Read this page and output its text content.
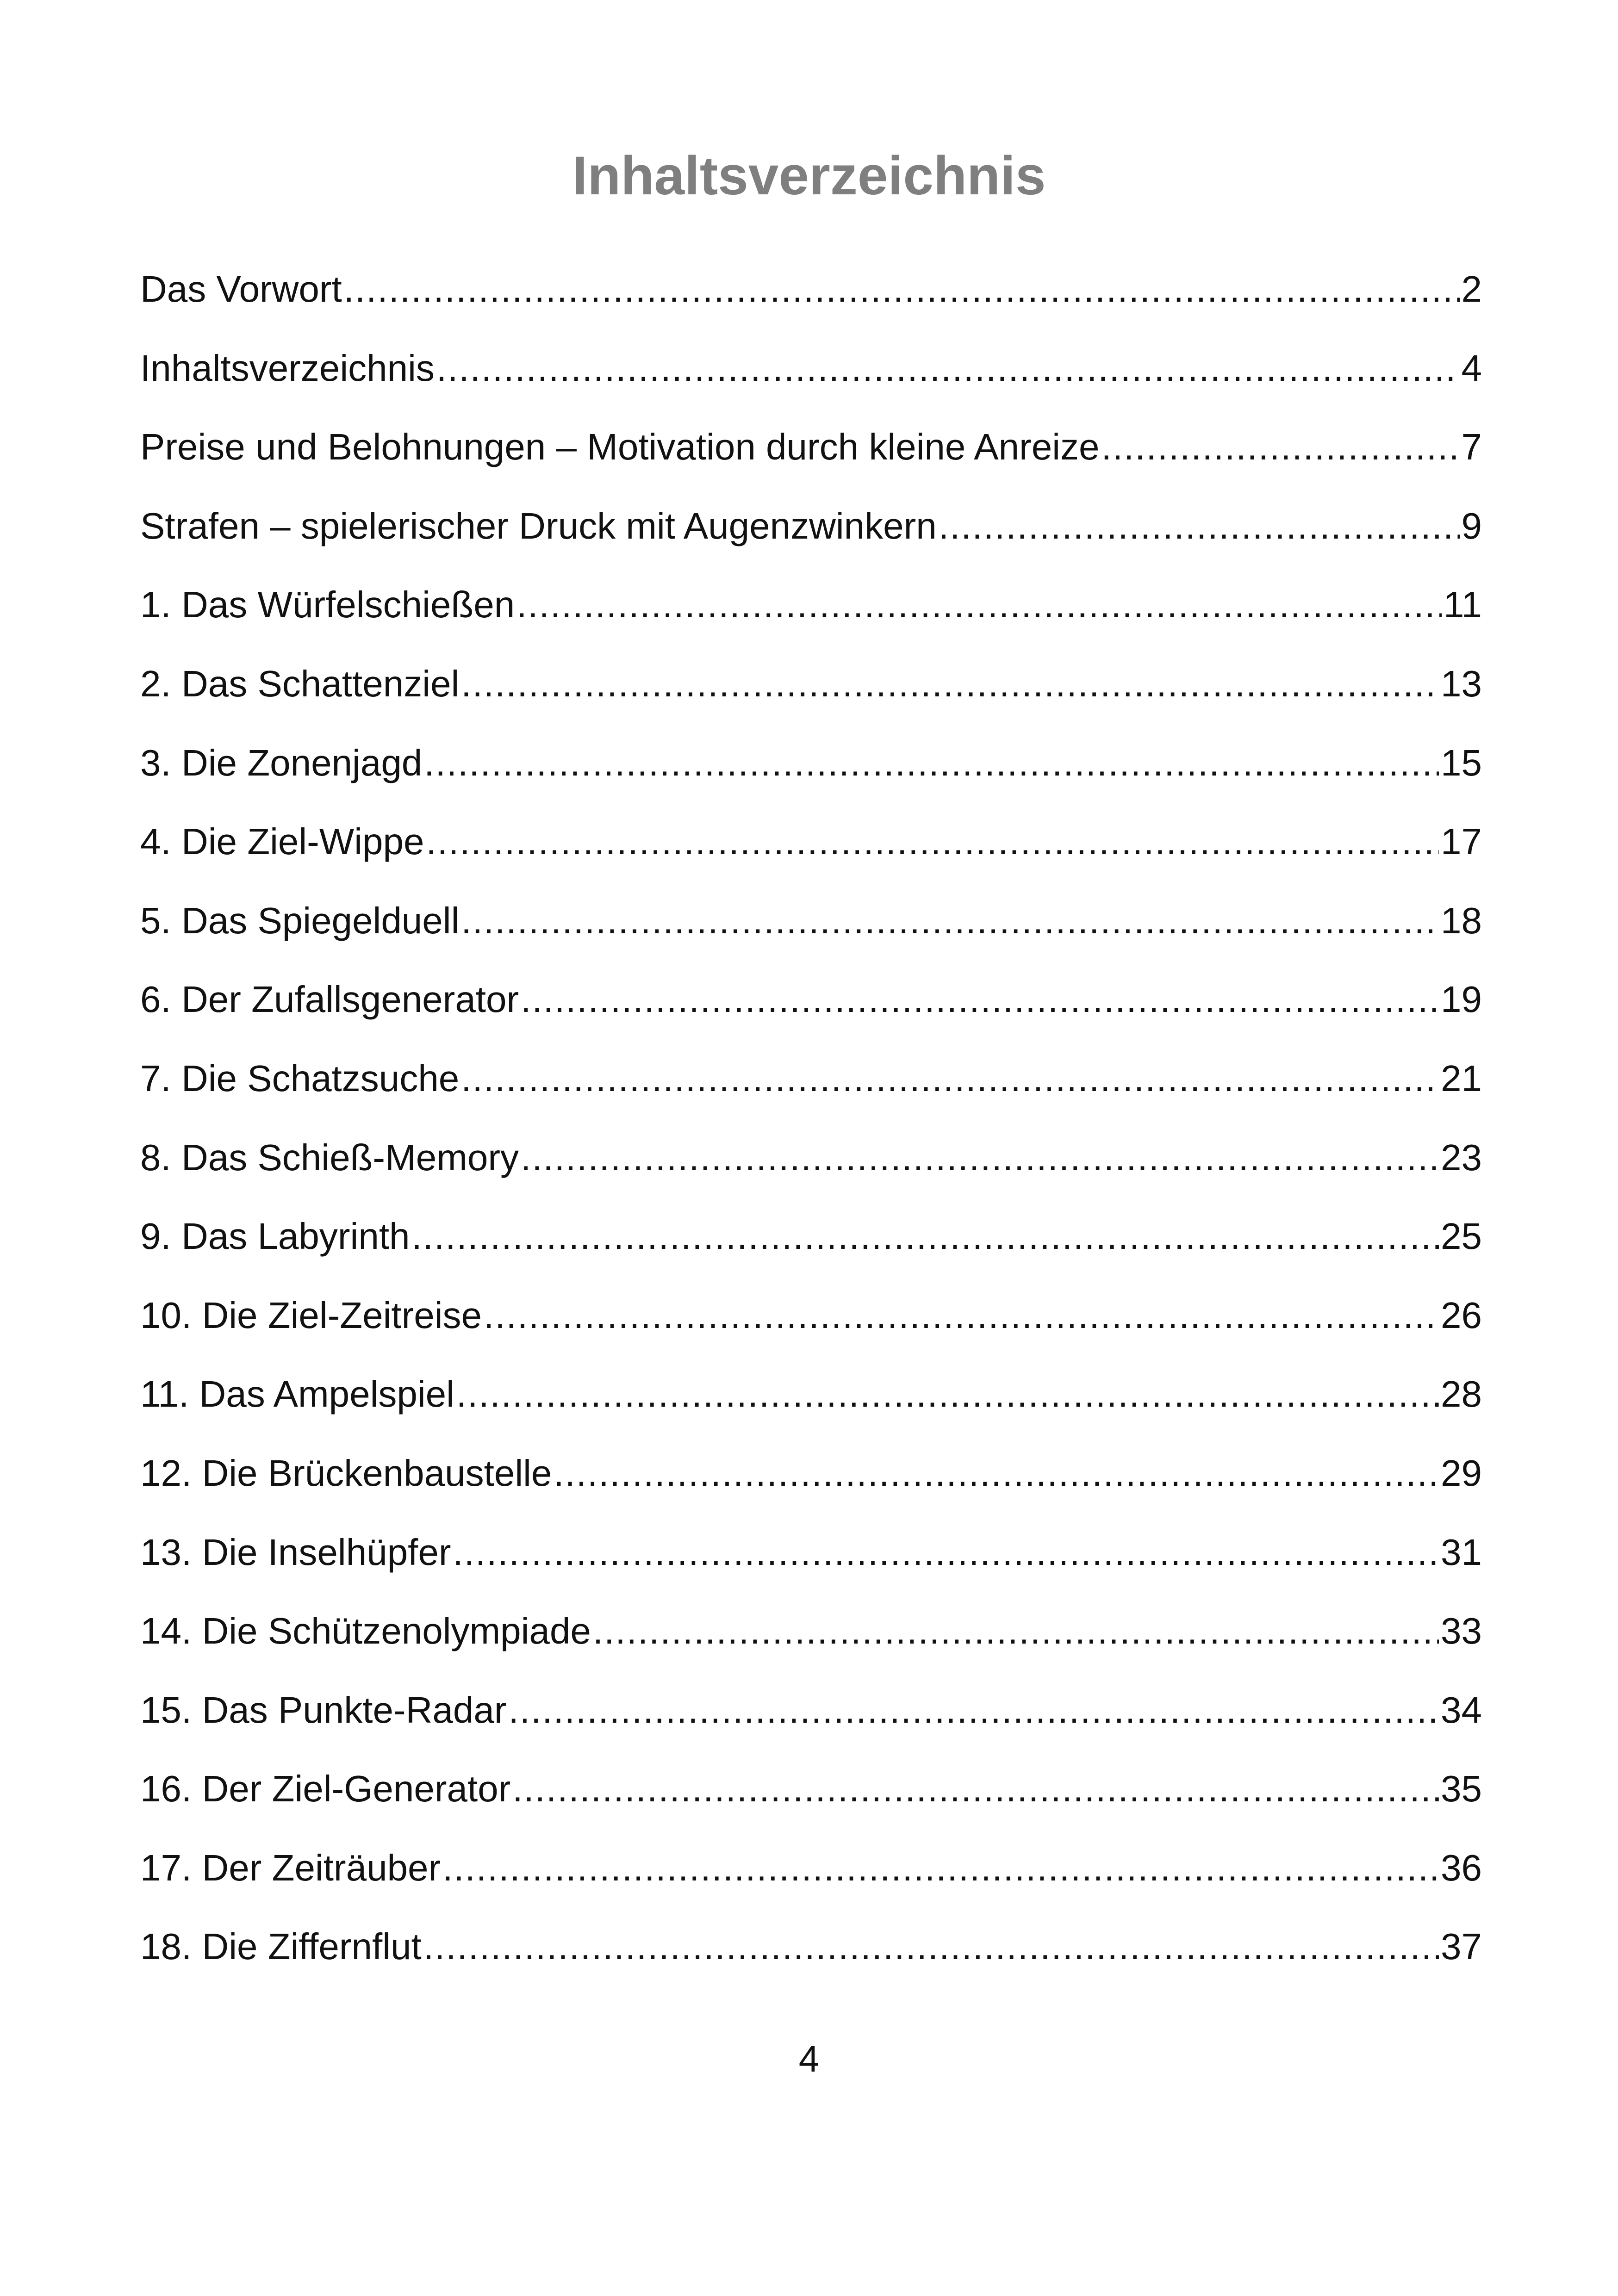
Inhaltsverzeichnis
Das Vorwort .....	2
Inhaltsverzeichnis .....	4
Preise und Belohnungen – Motivation durch kleine Anreize .....	7
Strafen – spielerischer Druck mit Augenzwinkern .....	9
1. Das Würfelschießen .....	11
2. Das Schattenziel .....	13
3. Die Zonenjagd .....	15
4. Die Ziel-Wippe .....	17
5. Das Spiegelduell .....	18
6. Der Zufallsgenerator .....	19
7. Die Schatzsuche .....	21
8. Das Schieß-Memory .....	23
9. Das Labyrinth .....	25
10. Die Ziel-Zeitreise .....	26
11. Das Ampelspiel .....	28
12. Die Brückenbaustelle .....	29
13. Die Inselhüpfer .....	31
14. Die Schützenolympiade .....	33
15. Das Punkte-Radar .....	34
16. Der Ziel-Generator .....	35
17. Der Zeiträuber .....	36
18. Die Ziffernflut .....	37

4
